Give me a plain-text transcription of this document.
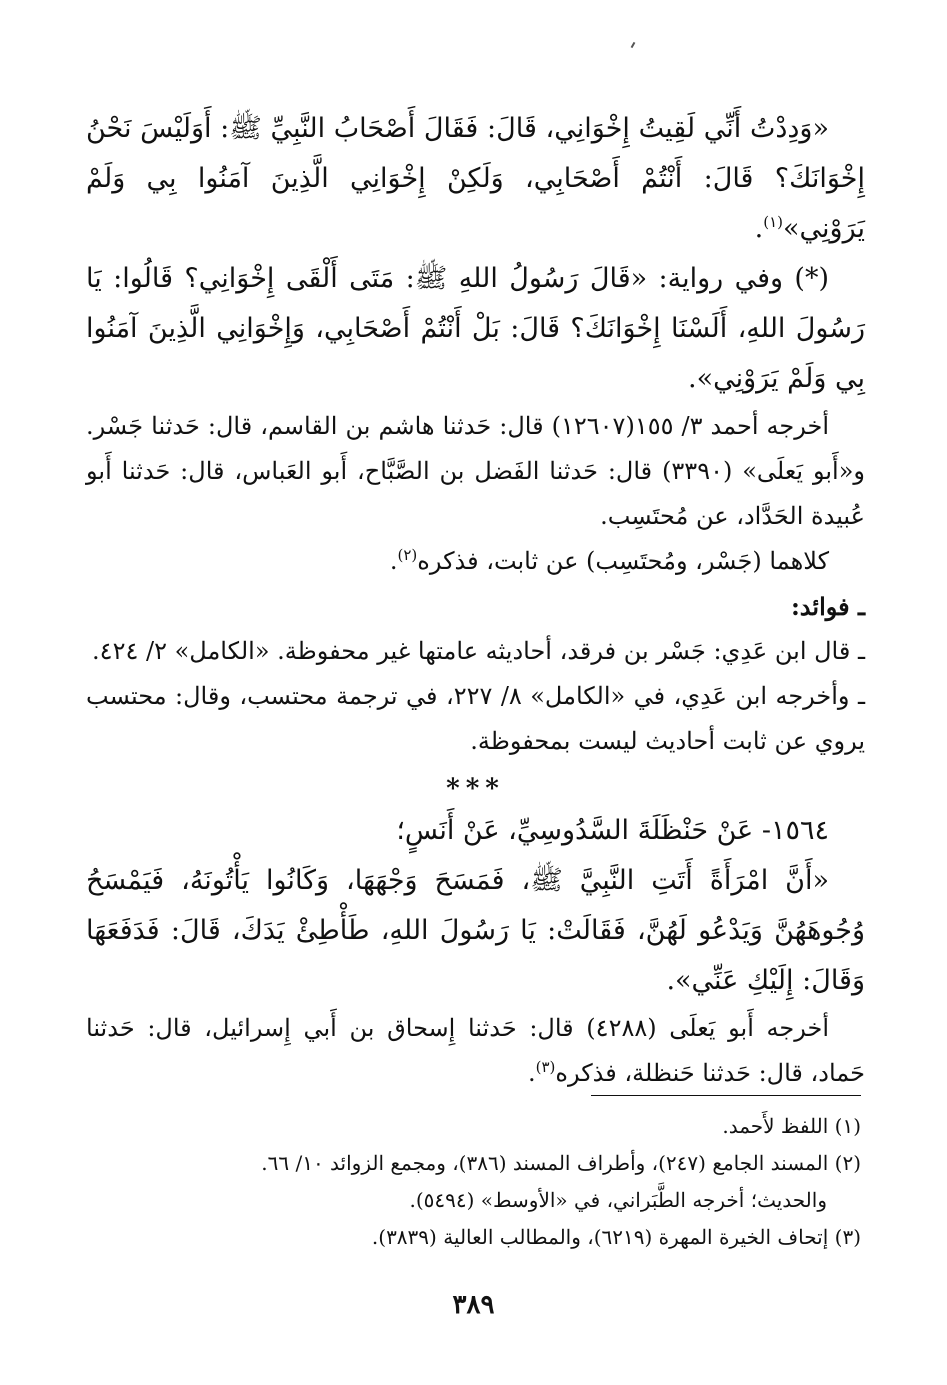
«وَدِدْتُ أَنِّي لَقِيتُ إِخْوَانِي، قَالَ: فَقَالَ أَصْحَابُ النَّبِيِّ ﷺ: أَوَلَيْسَ نَحْنُ إِخْوَانَكَ؟ قَالَ: أَنْتُمْ أَصْحَابِي، وَلَكِنْ إِخْوَانِي الَّذِينَ آمَنُوا بِي وَلَمْ يَرَوْنِي»$^{(١)}$.

(*) وفي رواية: «قَالَ رَسُولُ اللهِ ﷺ: مَتَى أَلْقَى إِخْوَانِي؟ قَالُوا: يَا رَسُولَ اللهِ، أَلَسْنَا إِخْوَانَكَ؟ قَالَ: بَلْ أَنْتُمْ أَصْحَابِي، وَإِخْوَانِي الَّذِينَ آمَنُوا بِي وَلَمْ يَرَوْنِي».

أخرجه أحمد ٣/ ١٥٥(١٢٦٠٧) قال: حَدثنا هاشم بن القاسم، قال: حَدثنا جَسْر. و«أَبو يَعلَى» (٣٣٩٠) قال: حَدثنا الفَضل بن الصَّبَّاح، أَبو العَباس، قال: حَدثنا أَبو عُبيدة الحَدَّاد، عن مُحتَسِب.

كلاهما (جَسْر، ومُحتَسِب) عن ثابت، فذكره$^{(٢)}$.

ـ فوائد:

ـ قال ابن عَدِي: جَسْر بن فرقد، أحاديثه عامتها غير محفوظة. «الكامل» ٢/ ٤٢٤.

ـ وأخرجه ابن عَدِي، في «الكامل» ٨/ ٢٢٧، في ترجمة محتسب، وقال: محتسب يروي عن ثابت أحاديث ليست بمحفوظة.

***

١٥٦٤- عَنْ حَنْظَلَةَ السَّدُوسِيِّ، عَنْ أَنَسٍ؛

«أَنَّ امْرَأَةً أَتَتِ النَّبِيَّ ﷺ، فَمَسَحَ وَجْهَهَا، وَكَانُوا يَأْتُونَهُ، فَيَمْسَحُ وُجُوهَهُنَّ وَيَدْعُو لَهُنَّ، فَقَالَتْ: يَا رَسُولَ اللهِ، طَأْطِئْ يَدَكَ، قَالَ: فَدَفَعَهَا وَقَالَ: إِلَيْكِ عَنِّي».

أخرجه أَبو يَعلَى (٤٢٨٨) قال: حَدثنا إِسحاق بن أَبي إِسرائيل، قال: حَدثنا حَماد، قال: حَدثنا حَنظلة، فذكره$^{(٣)}$.

(١) اللفظ لأَحمد.

(٢) المسند الجامع (٢٤٧)، وأطراف المسند (٣٨٦)، ومجمع الزوائد ١٠/ ٦٦.

والحديث؛ أخرجه الطَّبَراني، في «الأوسط» (٥٤٩٤).

(٣) إتحاف الخيرة المهرة (٦٢١٩)، والمطالب العالية (٣٨٣٩).

٣٨٩
